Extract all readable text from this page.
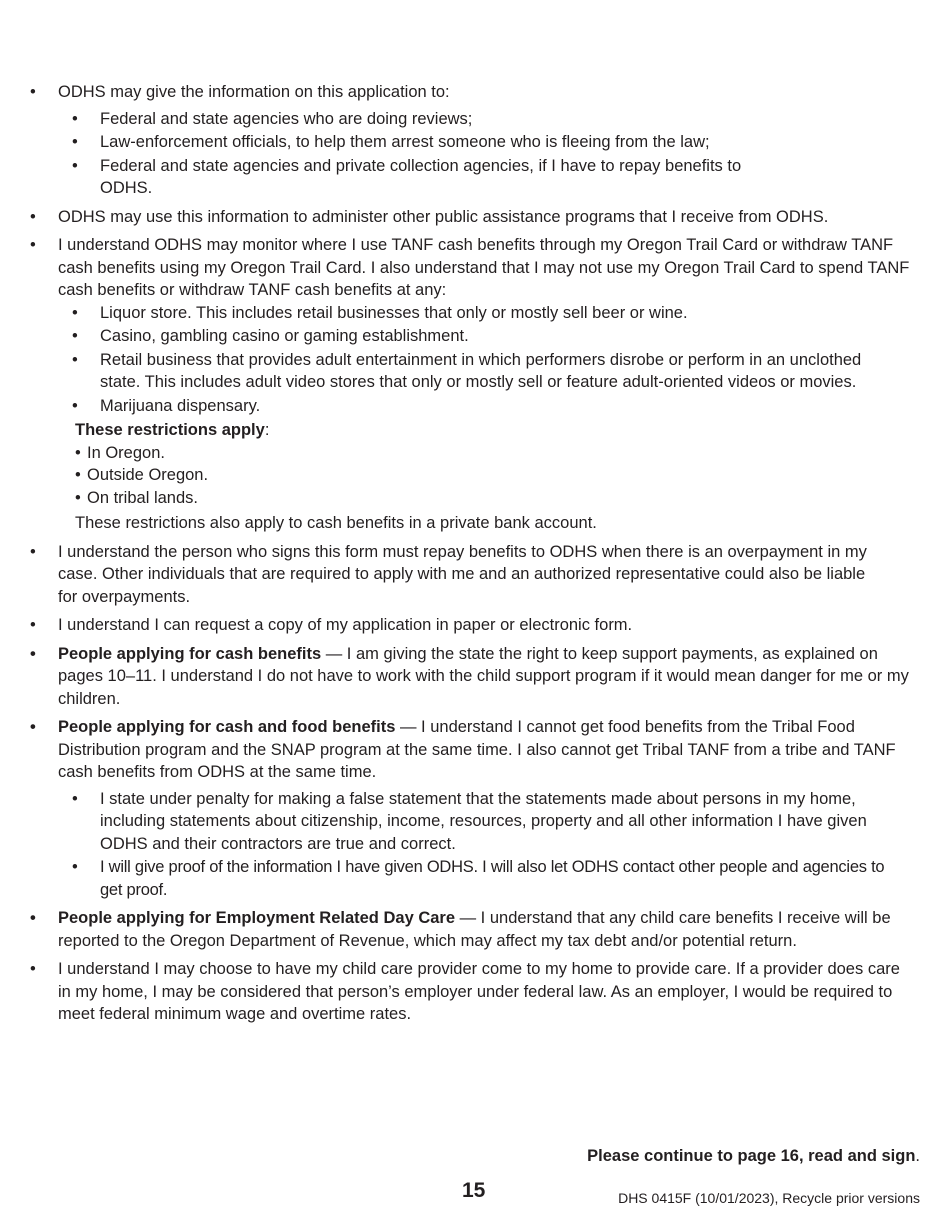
• ODHS may give the information on this application to:
• Federal and state agencies who are doing reviews;
• Law-enforcement officials, to help them arrest someone who is fleeing from the law;
• Federal and state agencies and private collection agencies, if I have to repay benefits to ODHS.
• ODHS may use this information to administer other public assistance programs that I receive from ODHS.
• I understand ODHS may monitor where I use TANF cash benefits through my Oregon Trail Card or withdraw TANF cash benefits using my Oregon Trail Card. I also understand that I may not use my Oregon Trail Card to spend TANF cash benefits or withdraw TANF cash benefits at any:
• Liquor store. This includes retail businesses that only or mostly sell beer or wine.
• Casino, gambling casino or gaming establishment.
• Retail business that provides adult entertainment in which performers disrobe or perform in an unclothed state. This includes adult video stores that only or mostly sell or feature adult-oriented videos or movies.
• Marijuana dispensary.
These restrictions apply:
• In Oregon.
• Outside Oregon.
• On tribal lands.
These restrictions also apply to cash benefits in a private bank account.
• I understand the person who signs this form must repay benefits to ODHS when there is an overpayment in my case. Other individuals that are required to apply with me and an authorized representative could also be liable for overpayments.
• I understand I can request a copy of my application in paper or electronic form.
• People applying for cash benefits — I am giving the state the right to keep support payments, as explained on pages 10–11. I understand I do not have to work with the child support program if it would mean danger for me or my children.
• People applying for cash and food benefits — I understand I cannot get food benefits from the Tribal Food Distribution program and the SNAP program at the same time. I also cannot get Tribal TANF from a tribe and TANF cash benefits from ODHS at the same time.
• I state under penalty for making a false statement that the statements made about persons in my home, including statements about citizenship, income, resources, property and all other information I have given ODHS and their contractors are true and correct.
• I will give proof of the information I have given ODHS. I will also let ODHS contact other people and agencies to get proof.
• People applying for Employment Related Day Care — I understand that any child care benefits I receive will be reported to the Oregon Department of Revenue, which may affect my tax debt and/or potential return.
• I understand I may choose to have my child care provider come to my home to provide care. If a provider does care in my home, I may be considered that person’s employer under federal law. As an employer, I would be required to meet federal minimum wage and overtime rates.
Please continue to page 16, read and sign.
15	DHS 0415F (10/01/2023), Recycle prior versions
